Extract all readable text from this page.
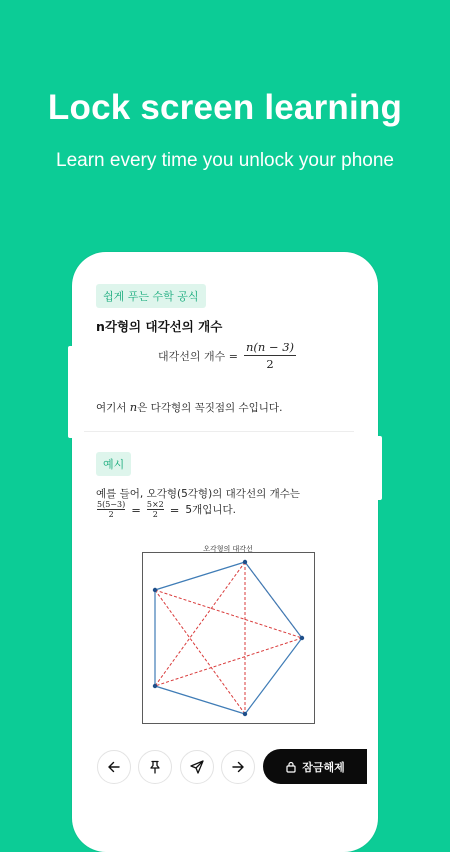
Lock screen learning
Learn every time you unlock your phone
쉽게 푸는 수학 공식
n각형의 대각선의 개수
대각선의 개수 =
n(n − 3)
2
여기서 n은 다각형의 꼭짓점의 수입니다.
예시
예를 들어, 오각형(5각형)의 대각선의 개수는
5(5−3)
2 = 5×2
2 = 5개입니다.
오각형의 대각선
잠금해제
